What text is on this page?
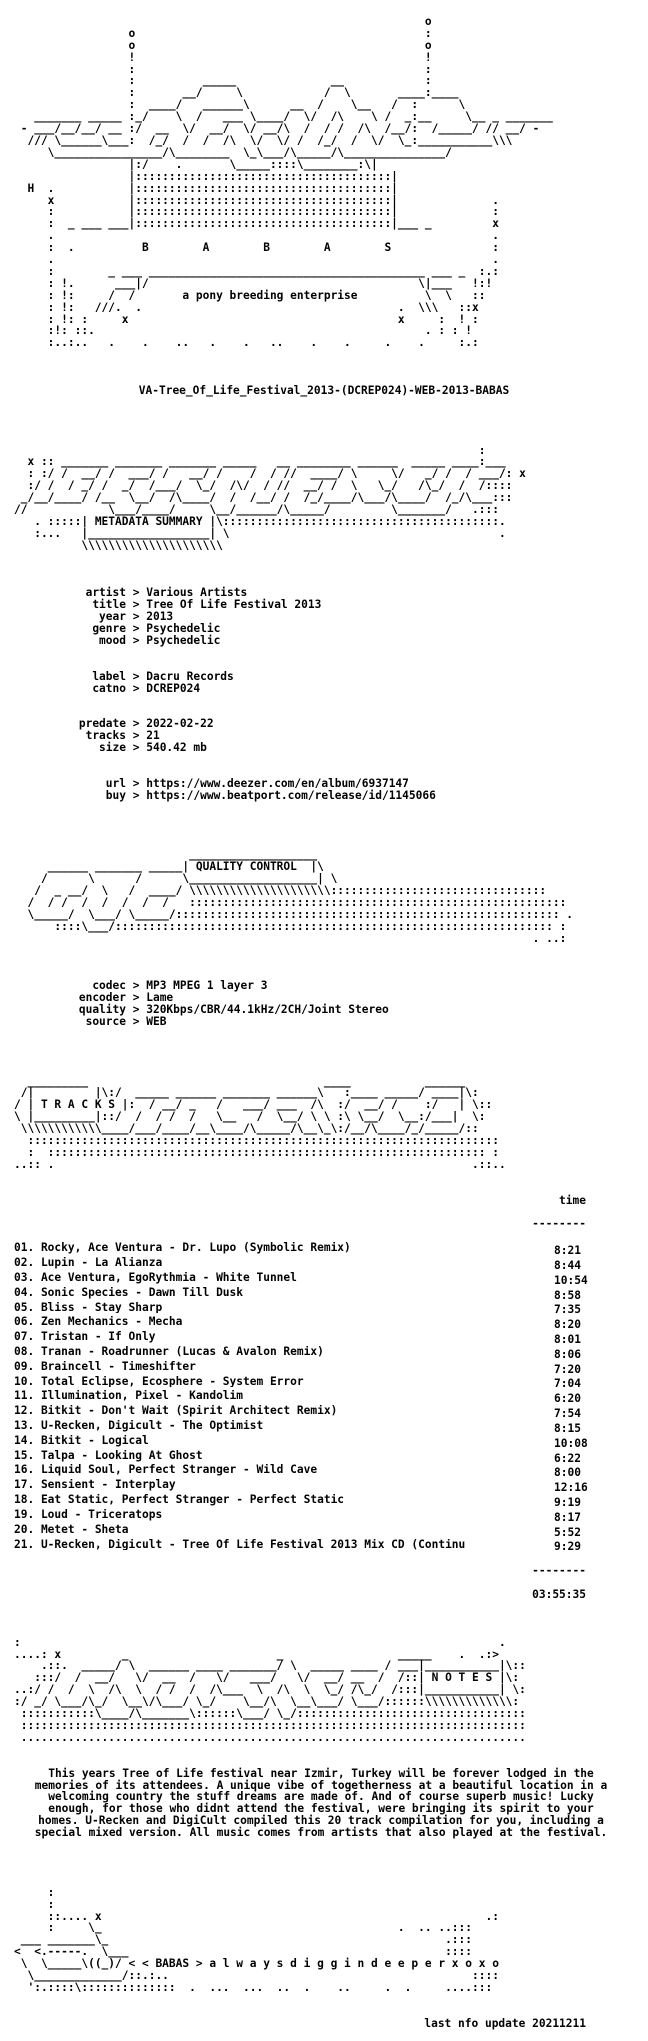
o
o                                           :
o                                           o
!                                           !
:                                           :
:          _____              __            :
:       __/     \            /  \       ____:____
:  ____/   ______\      __  /    \__   /  :      \
_______ _____ :_/    \  /   ___ \____/  \/  /\    \ /  _:__     \__ _ _______
- ___/__/__/ __ :/  __  \/  __/  \/ __/\  /  / /  /\  /__/:  /_____/ // __/ -
/// \______\___:  /_/  /  /  /\  \/  \/ /  /_/  /  \/  \_:___________\\\
\________________/\________  \_\___/\_____/\_______________/
|:/    .       \_____::::\________:\|
|::::::::::::::::::::::::::::::::::::::|
H  .           |::::::::::::::::::::::::::::::::::::::|
x           |::::::::::::::::::::::::::::::::::::::|              .
:           |::::::::::::::::::::::::::::::::::::::|              :
:  _ ___ ___|::::::::::::::::::::::::::::::::::::::|___ _         x
.                                                                 .
:  .          B        A        B        A        S               :
.                                                                 .
:        _ ___ _________________________________________ ___ _  :.:
: !.      ___|/                                        \|___   !:!
: !:     /  /       a pony breeding enterprise          \  \   ::
: !:   ///.  .                                      .  \\\   ::x
: !: :     x                                        x     :  ! :
:!: ::.                                                 . : : !
:..:..   .    .    ..   .    .   ..    .    .     .    .     :.:

VA-Tree_Of_Life_Festival_2013-(DCREP024)-WEB-2013-BABAS

:
x :: _______ _______ _______ _____   __ ________ ______  _____ ____:___
: :/ /  __/ /  ___/ /   __/ /    /  / //  ____/ \     \/   _/ /  / ___/: x
:/ /  / _/ /  _/  /___/  \_/  /\/  / //  __/ /  \   \_/   /\_/  /  /::::
_/__/____/ /__  \__/  /\____/  /  /__/ /  /_/____/\___/\____/  /_/\___:::
//            \___/____/     \__/______/\_____/         \_______/   .:::
. :::::| METADATA SUMMARY |\:::::::::::::::::::::::::::::::::::::::::.
:...   |__________________| \                                        .
\\\\\\\\\\\\\\\\\\\\\

artist > Various Artists
title > Tree Of Life Festival 2013
year > 2013
genre > Psychedelic
mood > Psychedelic

label > Dacru Records
catno > DCREP024

predate > 2022-02-22
tracks > 21
size > 540.42 mb

url > https://www.deezer.com/en/album/6937147
buy > https://www.beatport.com/release/id/1145066

___________________
______ _______ _____| QUALITY CONTROL  |\
/      \      /      \___________________| \
/  _ __/  \   /  ____/ \\\\\\\\\\\\\\\\\\\\\::::::::::::::::::::::::::::::::
/  / /  /  /  /  /  /   ::::::::::::::::::::::::::::::::::::::::::::::::::::::::
\_____/  \___/ \_____/::::::::::::::::::::::::::::::::::::::::::::::::::::::::: .
::::\___/::::::::::::::::::::::::::::::::::::::::::::::::::::::::::::::::: :
. ..:

codec > MP3 MPEG 1 layer 3
encoder > Lame
quality > 320Kbps/CBR/44.1kHz/2CH/Joint Stereo
source > WEB

_________                                   ____           ______
/|         |\:/  _____ ______ _______ ______\   :____ _____/ ____|\:
/ | T R A C K S |:  / __/ _   /   ___/ ___  /\  :/  __/ /    :/   | \::
\ |_________|::/  /  / /  /   \__   /  \__/ \ \ :\ \__/  \__:/___|  \:
\\\\\\\\\\\\____/___/____/__\____/\_____/\__\_\:/__/\____/_/_____/::
::::::::::::::::::::::::::::::::::::::::::::::::::::::::::::::::::::::
:  ::::::::::::::::::::::::::::::::::::::::::::::::::::::::::::::::: :
..:: .                                                              .::..

time

--------

01. Rocky, Ace Ventura - Dr. Lupo (Symbolic Remix)	8:21
02. Lupin - La Alianza	8:44
03. Ace Ventura, EgoRythmia - White Tunnel	10:54
04. Sonic Species - Dawn Till Dusk	8:58
05. Bliss - Stay Sharp	7:35
06. Zen Mechanics - Mecha	8:20
07. Tristan - If Only	8:01
08. Tranan - Roadrunner (Lucas & Avalon Remix)	8:06
09. Braincell - Timeshifter	7:20
10. Total Eclipse, Ecosphere - System Error	7:04
11. Illumination, Pixel - Kandolim	6:20
12. Bitkit - Don't Wait (Spirit Architect Remix)	7:54
13. U-Recken, Digicult - The Optimist	8:15
14. Bitkit - Logical	10:08
15. Talpa - Looking At Ghost	6:22
16. Liquid Soul, Perfect Stranger - Wild Cave	8:00
17. Sensient - Interplay	12:16
18. Eat Static, Perfect Stranger - Perfect Static	9:19
19. Loud - Triceratops	8:17
20. Metet - Sheta	5:52
21. U-Recken, Digicult - Tree Of Life Festival 2013 Mix CD (Continu	9:29

--------

03:55:35

:                                                                       .
....: x         _                      _                 _____    .  .:>
.::.  _____/ \  ______ ____ _______/ \  _____ ____ / ___|___________|\::
:::/  /  __/   \/  __  /   \/   ___/   \/  __/ __  /  /::| N O T E S |\:
..:/ /  /  \  /\  \  / /  /  /\___  \  /\  \  \_/ /\_/  /:::|___________| \:
:/ _/ \___/\_/  \__\/\___/ \_/    \__/\  \__\___/ \___/::::::\\\\\\\\\\\\\:
:::::::::::\____/\_______\::::::\___/ \_/::::::::::::::::::::::::::::::::::
:::::::::::::::::::::::::::::::::::::::::::::::::::::::::::::::::::::::::::
...........................................................................

This years Tree of Life festival near Izmir, Turkey will be forever lodged in the memories of its attendees. A unique vibe of togetherness at a beautiful location in a welcoming country the stuff dreams are made of. And of course superb music! Lucky enough, for those who didnt attend the festival, were bringing its spirit to your homes. U-Recken and DigiCult compiled this 20 track compilation for you, including a special mixed version. All music comes from artists that also played at the festival.

:
:
::.... x                                                         .:
:     \_                                            .  .. ..:::
___ _______\_                                                  .:::
<  <.-----.  \___                                               ::::
\  \_____\((_)/ < < BABAS > a l w a y s d i g g i n d e e p e r x o x o
\_____________/::.:..                                             ::::
':.::::\::::::::::::::  .  ...  ...  ..  .    ..     .  .     ....:::

last nfo update 20211211
